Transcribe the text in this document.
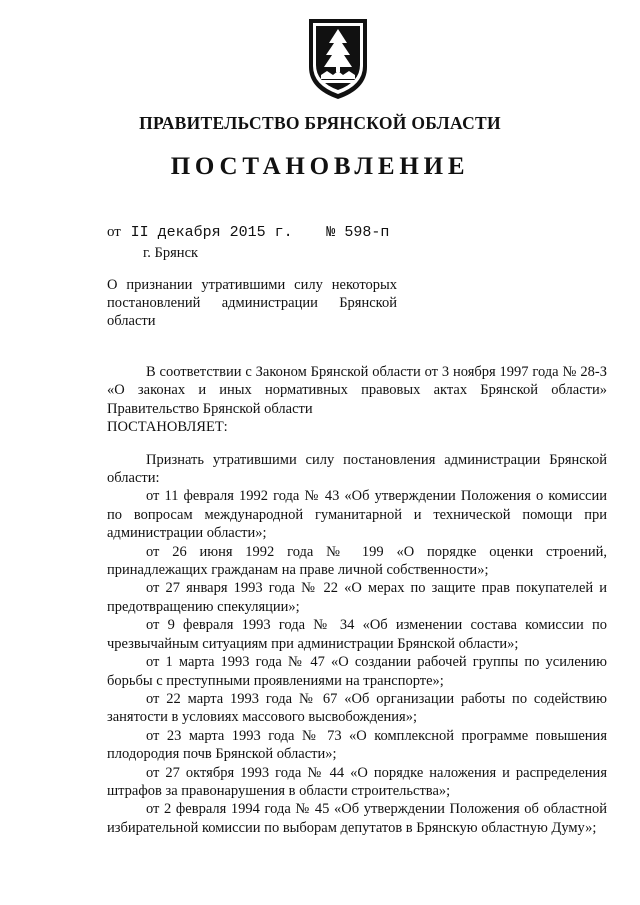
ПРАВИТЕЛЬСТВО БРЯНСКОЙ ОБЛАСТИ
ПОСТАНОВЛЕНИЕ
от II декабря 2015 г. № 598-п
г. Брянск
О признании утратившими силу некоторых постановлений администрации Брянской области

В соответствии с Законом Брянской области от 3 ноября 1997 года № 28-З «О законах и иных нормативных правовых актах Брянской области» Правительство Брянской области

ПОСТАНОВЛЯЕТ:

Признать утратившими силу постановления администрации Брянской области:

от 11 февраля 1992 года № 43 «Об утверждении Положения о комиссии по вопросам международной гуманитарной и технической помощи при администрации области»;

от 26 июня 1992 года № 199 «О порядке оценки строений, принадлежащих гражданам на праве личной собственности»;

от 27 января 1993 года № 22 «О мерах по защите прав покупателей и предотвращению спекуляции»;

от 9 февраля 1993 года № 34 «Об изменении состава комиссии по чрезвычайным ситуациям при администрации Брянской области»;

от 1 марта 1993 года № 47 «О создании рабочей группы по усилению борьбы с преступными проявлениями на транспорте»;

от 22 марта 1993 года № 67 «Об организации работы по содействию занятости в условиях массового высвобождения»;

от 23 марта 1993 года № 73 «О комплексной программе повышения плодородия почв Брянской области»;

от 27 октября 1993 года № 44 «О порядке наложения и распределения штрафов за правонарушения в области строительства»;

от 2 февраля 1994 года № 45 «Об утверждении Положения об областной избирательной комиссии по выборам депутатов в Брянскую областную Думу»;
